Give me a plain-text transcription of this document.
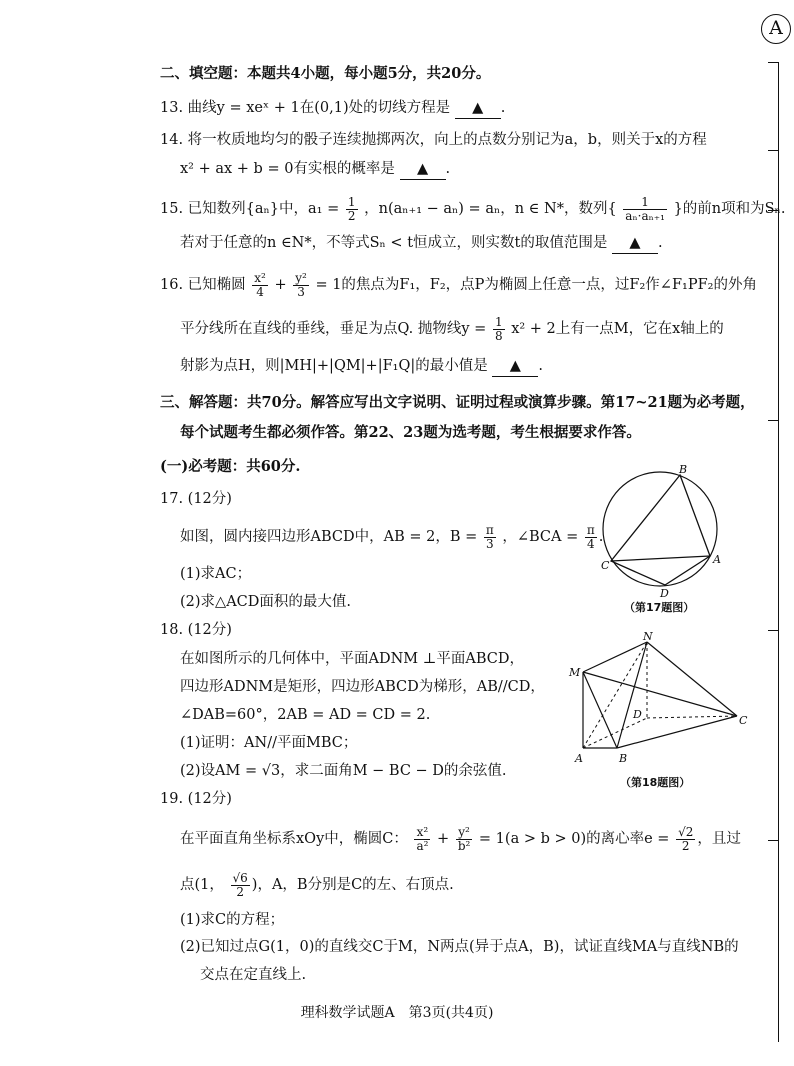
A
二、填空题：本题共4小题，每小题5分，共20分。
13. 曲线y = xeˣ + 1在(0,1)处的切线方程是 ▲ .
14. 将一枚质地均匀的骰子连续抛掷两次，向上的点数分别记为a，b，则关于x的方程
x² + ax + b = 0有实根的概率是 ▲ .
15. 已知数列{aₙ}中，$a_1 = \frac{1}{2}$ ，n(aₙ₊₁ − aₙ) = aₙ，n ∈ N*，数列{ $\frac{1}{\text{aₙ·aₙ₊₁}}$ }的前n项和为Sₙ.
若对于任意的n ∈N*，不等式Sₙ < t恒成立，则实数t的取值范围是 ▲ .
16. 已知椭圆 $\frac{\text{x²}}{4} + \frac{\text{y²}}{3} = 1$的焦点为F₁，F₂，点P为椭圆上任意一点，过F₂作∠F₁PF₂的外角
平分线所在直线的垂线，垂足为点Q. 抛物线$y = \frac{1}{8} x^2 + 2$上有一点M，它在x轴上的
射影为点H，则|MH|+|QM|+|F₁Q|的最小值是 ▲ .
三、解答题：共70分。解答应写出文字说明、证明过程或演算步骤。第17~21题为必考题，
每个试题考生都必须作答。第22、23题为选考题，考生根据要求作答。
(一)必考题：共60分.
17. (12分)
如图，圆内接四边形ABCD中，AB = 2，$B = \frac{\pi}{3}$ ，∠BCA = $\frac{\pi}{4}$ .
(1)求AC；
(2)求△ACD面积的最大值.
B
A
D
C
（第17题图）
18. (12分)
在如图所示的几何体中，平面ADNM ⊥平面ABCD，
四边形ADNM是矩形，四边形ABCD为梯形，AB//CD，
∠DAB=60°，2AB = AD = CD = 2.
(1)证明：AN//平面MBC；
(2)设AM = √3，求二面角M − BC − D的余弦值.
N
M
D	C
A	B
（第18题图）
19. (12分)
在平面直角坐标系xOy中，椭圆C： $\frac{\text{x²}}{\text{a²}} + \frac{\text{y²}}{\text{b²}} = 1(a > b > 0)$的离心率$e = \frac{√2}{2}$ ，且过
点(1， $\frac{√6}{2}$ )，A，B分别是C的左、右顶点.
(1)求C的方程；
(2)已知过点G(1，0)的直线交C于M，N两点(异于点A，B)，试证直线MA与直线NB的
交点在定直线上.
理科数学试题A　第3页(共4页)
